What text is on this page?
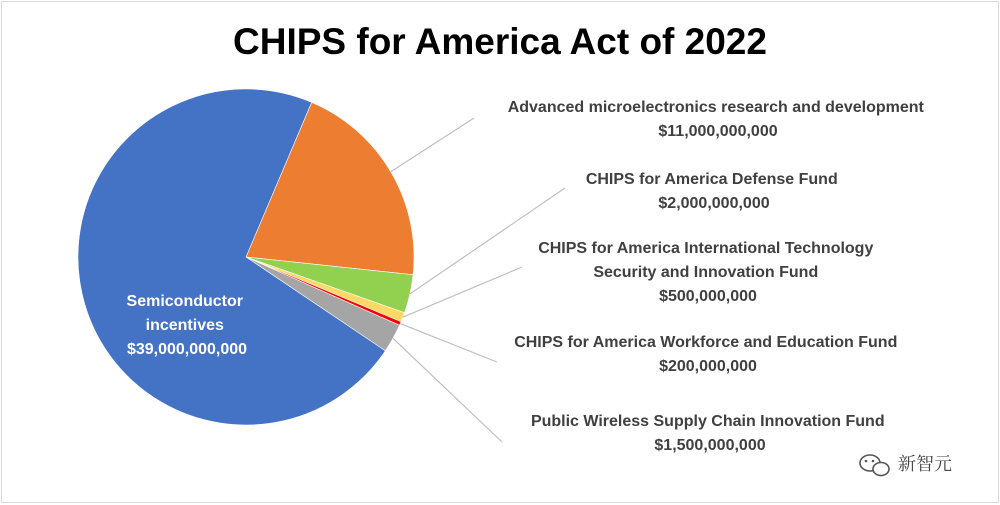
CHIPS for America Act of 2022
Semiconductor incentives $39,000,000,000
Advanced microelectronics research and development $11,000,000,000
CHIPS for America Defense Fund $2,000,000,000
CHIPS for America International Technology Security and Innovation Fund $500,000,000
CHIPS for America Workforce and Education Fund $200,000,000
Public Wireless Supply Chain Innovation Fund $1,500,000,000
新智元
